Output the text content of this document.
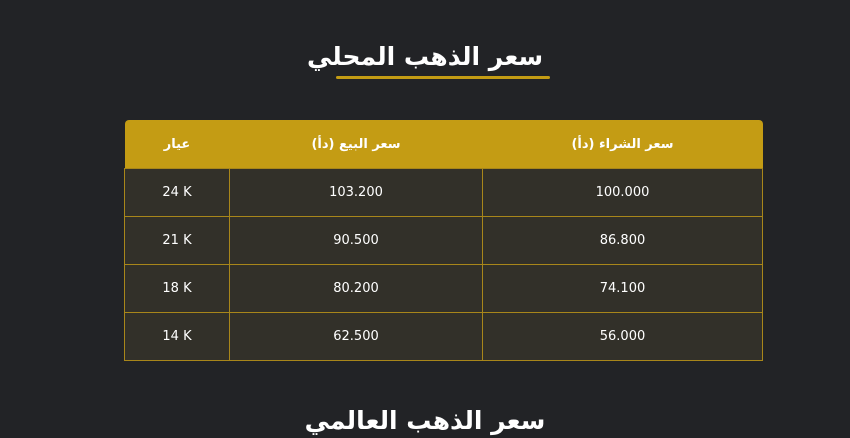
سعر الذهب المحلي
سعر الشراء (دأ)	سعر البيع (دأ)	عيار
100.000	103.200	24 K
86.800	90.500	21 K
74.100	80.200	18 K
56.000	62.500	14 K
سعر الذهب العالمي
